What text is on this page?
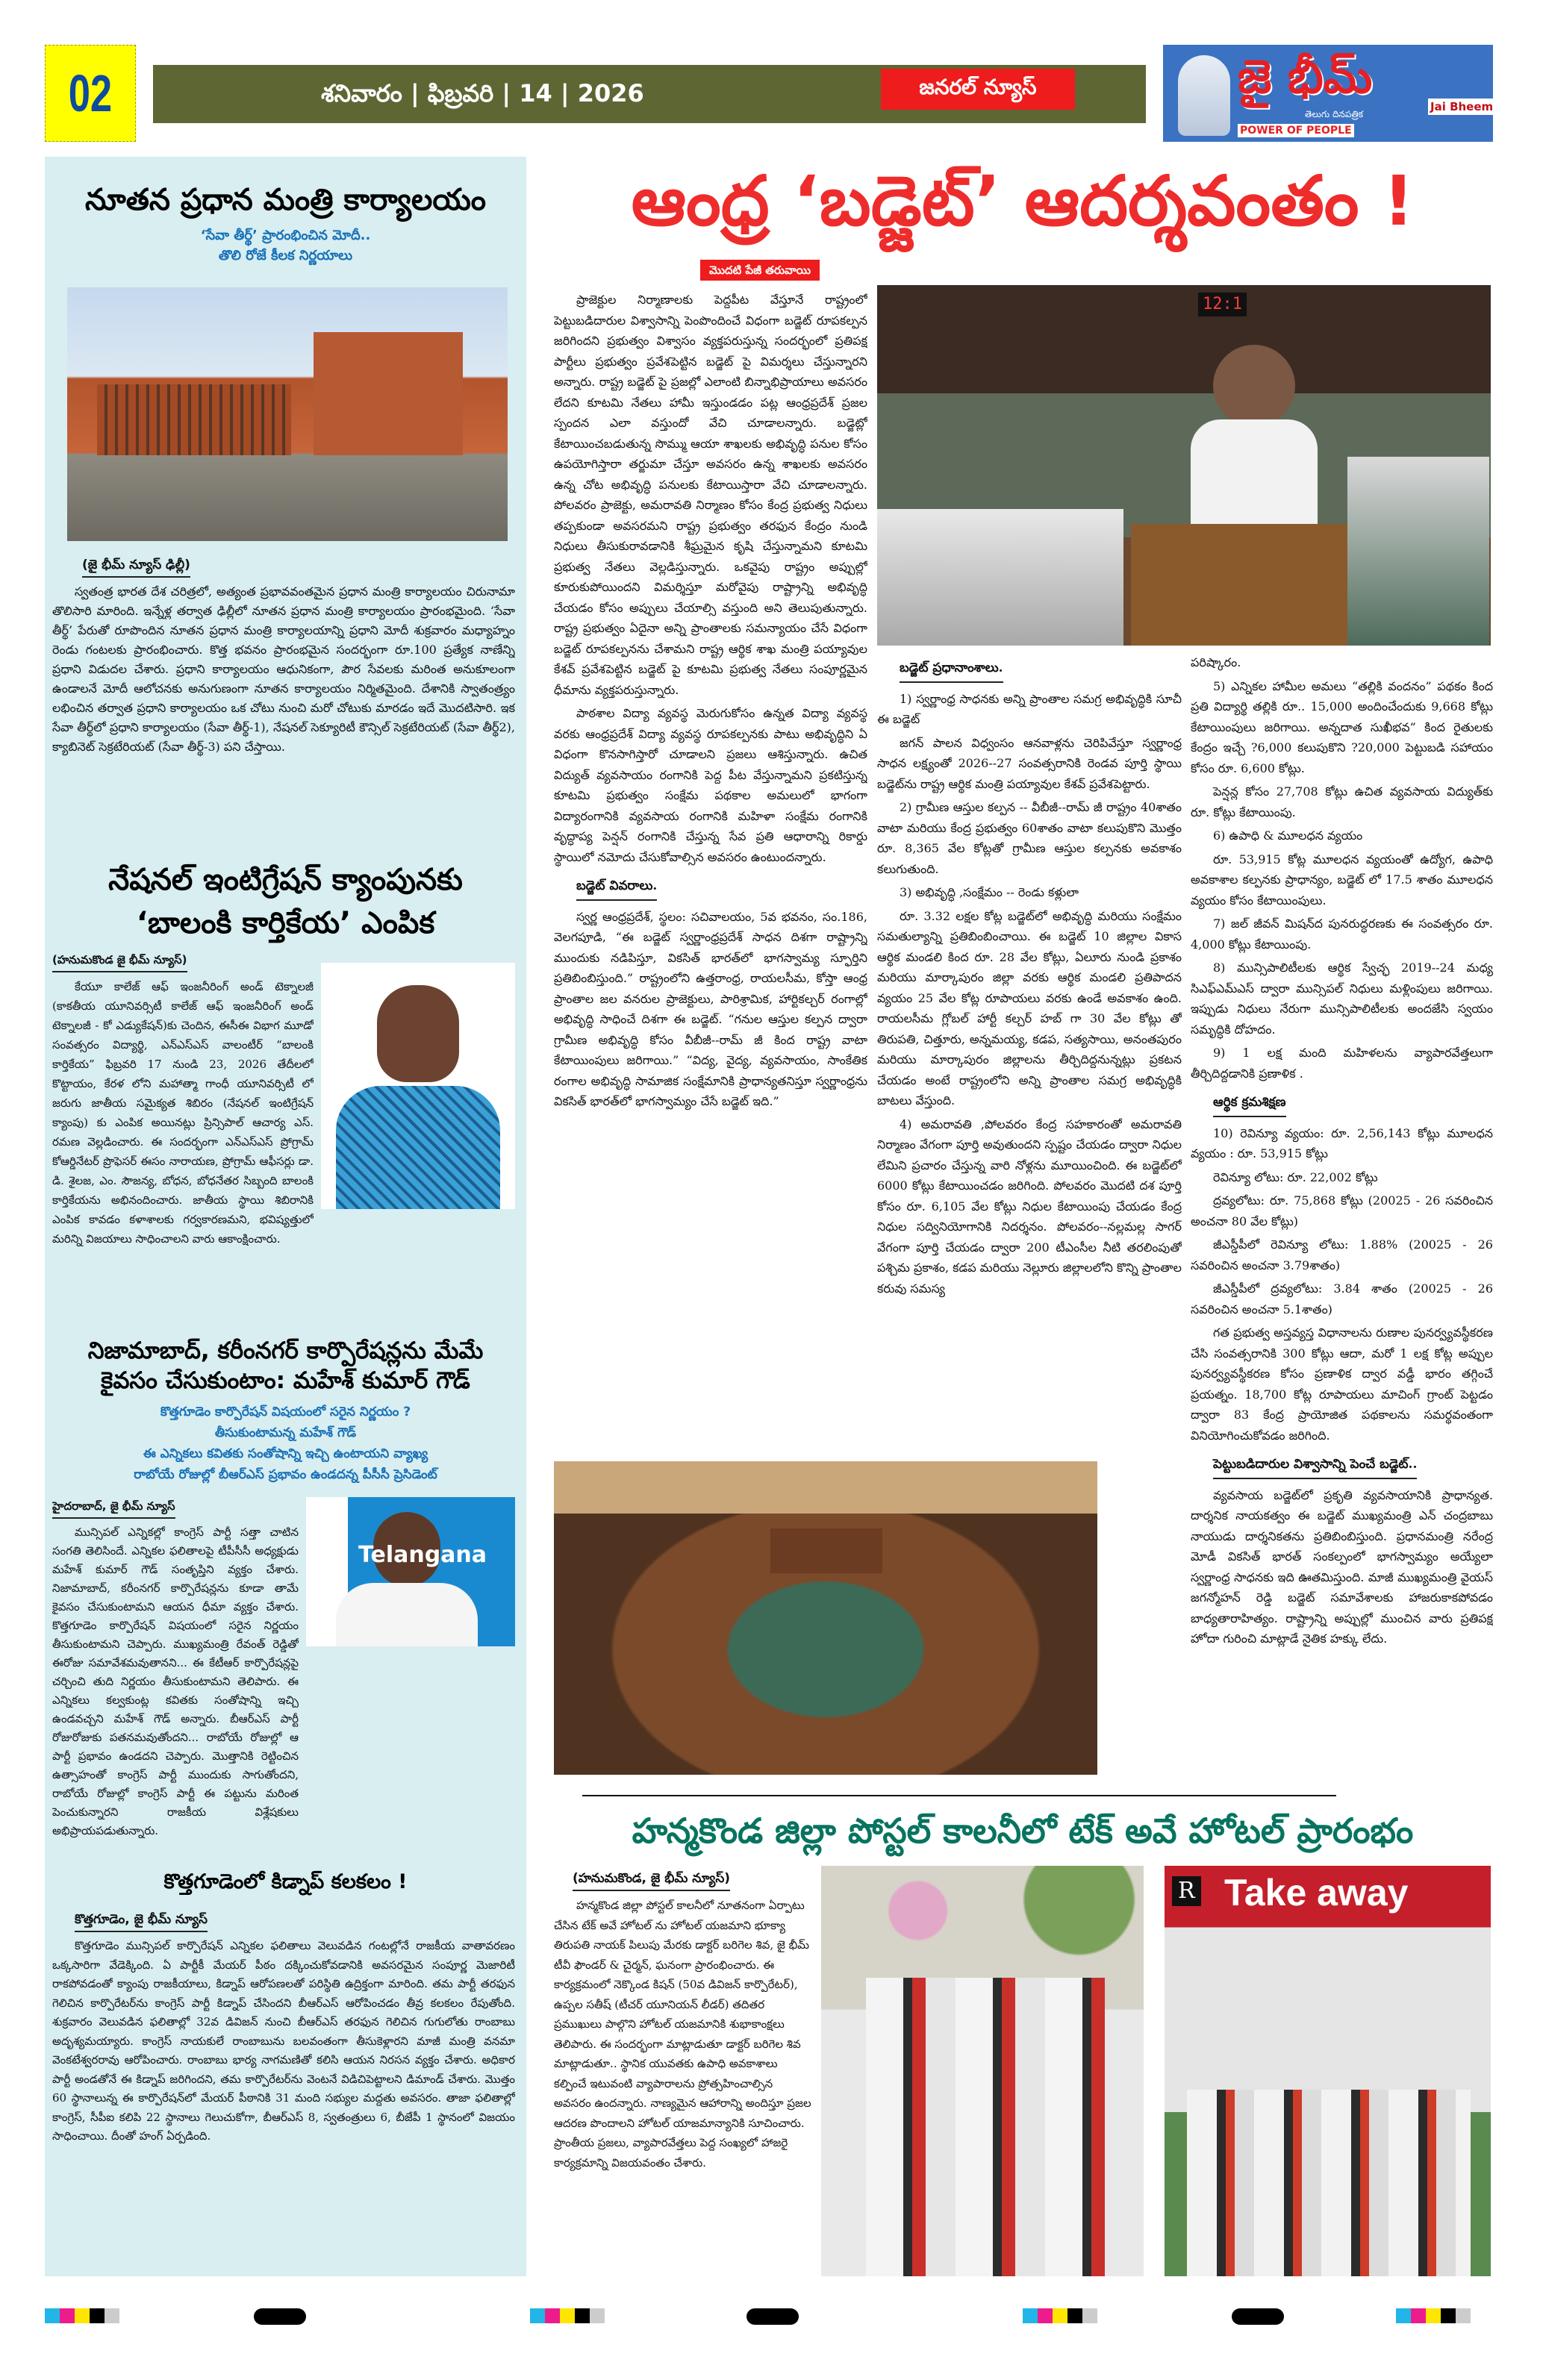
02	శనివారం | ఫిబ్రవరి | 14 | 2026	జనరల్ న్యూస్	జై భీమ్
తెలుగు దినపత్రిక
POWER OF PEOPLE
Jai Bheem
నూతన ప్రధాన మంత్రి కార్యాలయం
‘సేవా తీర్థ్’ ప్రారంభించిన మోదీ..
తొలి రోజే కీలక నిర్ణయాలు
(జై భీమ్ న్యూస్ ఢిల్లీ)

స్వతంత్ర భారత దేశ చరిత్రలో, అత్యంత ప్రభావవంతమైన ప్రధాన మంత్రి కార్యాలయం చిరునామా తొలిసారి మారింది. ఇన్నేళ్ల తర్వాత ఢిల్లీలో నూతన ప్రధాన మంత్రి కార్యాలయం ప్రారంభమైంది. ‘సేవా తీర్థ్’ పేరుతో రూపొందిన నూతన ప్రధాన మంత్రి కార్యాలయాన్ని ప్రధాని మోదీ శుక్రవారం మధ్యాహ్నం రెండు గంటలకు ప్రారంభించారు. కొత్త భవనం ప్రారంభమైన సందర్భంగా రూ.100 ప్రత్యేక నాణేన్ని ప్రధాని విడుదల చేశారు. ప్రధాని కార్యాలయం ఆధునికంగా, పౌర సేవలకు మరింత అనుకూలంగా ఉండాలనే మోదీ ఆలోచనకు అనుగుణంగా నూతన కార్యాలయం నిర్మితమైంది. దేశానికి స్వాతంత్ర్యం లభించిన తర్వాత ప్రధాని కార్యాలయం ఒక చోటు నుంచి మరో చోటుకు మారడం ఇదే మొదటిసారి. ఇక సేవా తీర్థ్‌లో ప్రధాని కార్యాలయం (సేవా తీర్థ్-1), నేషనల్ సెక్యూరిటీ కౌన్సిల్ సెక్రటేరియట్ (సేవా తీర్థ్2), క్యాబినెట్ సెక్రటేరియట్ (సేవా తీర్థ్-3) పని చేస్తాయి.

నేషనల్ ఇంటిగ్రేషన్ క్యాంపునకు
‘బాలంకి కార్తికేయ’ ఎంపిక
(హనుమకొండ జై భీమ్ న్యూస్)

కేయూ కాలేజ్ ఆఫ్ ఇంజనీరింగ్ అండ్ టెక్నాలజీ (కాకతీయ యూనివర్సిటీ కాలేజ్ ఆఫ్ ఇంజనీరింగ్ అండ్ టెక్నాలజీ - కో ఎడ్యుకేషన్)కు చెందిన, ఈసీఈ విభాగ మూడో సంవత్సరం విద్యార్థి, ఎన్ఎస్ఎస్ వాలంటీర్ “బాలంకి కార్తికేయ” ఫిబ్రవరి 17 నుండి 23, 2026 తేదీలలో కొట్టాయం, కేరళ లోని మహాత్మా గాంధీ యూనివర్సిటీ లో జరుగు జాతీయ సమైక్యత శిబిరం (నేషనల్ ఇంటిగ్రేషన్ క్యాంపు) కు ఎంపిక అయినట్లు ప్రిన్సిపాల్ ఆచార్య ఎస్. రమణ వెల్లడించారు. ఈ సందర్భంగా ఎన్ఎస్ఎస్ ప్రోగ్రామ్ కోఆర్డినేటర్ ప్రొఫెసర్ ఈసం నారాయణ, ప్రోగ్రామ్ ఆఫీసర్లు డా. డి. శైలజ, ఎం. సౌజన్య, బోధన, బోధనేతర సిబ్బంది బాలంకి కార్తికేయను అభినందించారు. జాతీయ స్థాయి శిబిరానికి ఎంపిక కావడం కళాశాలకు గర్వకారణమని, భవిష్యత్తులో మరిన్ని విజయాలు సాధించాలని వారు ఆకాంక్షించారు.

నిజామాబాద్, కరీంనగర్ కార్పొరేషన్లను మేమే
కైవసం చేసుకుంటాం: మహేశ్ కుమార్ గౌడ్
కొత్తగూడెం కార్పొరేషన్ విషయంలో సరైన నిర్ణయం ?
తీసుకుంటామన్న మహేశ్ గౌడ్
ఈ ఎన్నికలు కవితకు సంతోషాన్ని ఇచ్చి ఉంటాయని వ్యాఖ్య
రాబోయే రోజుల్లో బీఆర్ఎస్ ప్రభావం ఉండదన్న పీసీసీ ప్రెసిడెంట్
Telangana
హైదరాబాద్, జై భీమ్ న్యూస్

మున్సిపల్ ఎన్నికల్లో కాంగ్రెస్ పార్టీ సత్తా చాటిన సంగతి తెలిసిందే. ఎన్నికల ఫలితాలపై టీపీసీసీ అధ్యక్షుడు మహేశ్ కుమార్ గౌడ్ సంతృప్తిని వ్యక్తం చేశారు. నిజామాబాద్, కరీంనగర్ కార్పొరేషన్లను కూడా తామే కైవసం చేసుకుంటామని ఆయన ధీమా వ్యక్తం చేశారు. కొత్తగూడెం కార్పొరేషన్ విషయంలో సరైన నిర్ణయం తీసుకుంటామని చెప్పారు. ముఖ్యమంత్రి రేవంత్ రెడ్డితో ఈరోజు సమావేశమవుతానని... ఈ కేటీఆర్ కార్పొరేషన్లపై చర్చించి తుది నిర్ణయం తీసుకుంటామని తెలిపారు. ఈ ఎన్నికలు కల్వకుంట్ల కవితకు సంతోషాన్ని ఇచ్చి ఉండవచ్చని మహేశ్ గౌడ్ అన్నారు. బీఆర్ఎస్ పార్టీ రోజురోజుకు పతనమవుతోందని... రాబోయే రోజుల్లో ఆ పార్టీ ప్రభావం ఉండదని చెప్పారు. మొత్తానికి రెట్టించిన ఉత్సాహంతో కాంగ్రెస్ పార్టీ ముందుకు సాగుతోందని, రాబోయే రోజుల్లో కాంగ్రెస్ పార్టీ ఈ పట్టును మరింత పెంచుకున్నారని రాజకీయ విశ్లేషకులు అభిప్రాయపడుతున్నారు.

కొత్తగూడెంలో కిడ్నాప్ కలకలం !
కొత్తగూడెం, జై భీమ్ న్యూస్

కొత్తగూడెం మున్సిపల్ కార్పొరేషన్ ఎన్నికల ఫలితాలు వెలువడిన గంటల్లోనే రాజకీయ వాతావరణం ఒక్కసారిగా వేడెక్కింది. ఏ పార్టీకీ మేయర్ పీఠం దక్కించుకోవడానికి అవసరమైన సంపూర్ణ మెజారిటీ రాకపోవడంతో క్యాంపు రాజకీయాలు, కిడ్నాప్ ఆరోపణలతో పరిస్థితి ఉద్రిక్తంగా మారింది. తమ పార్టీ తరఫున గెలిచిన కార్పొరేటర్‌ను కాంగ్రెస్ పార్టీ కిడ్నాప్ చేసిందని బీఆర్ఎస్ ఆరోపించడం తీవ్ర కలకలం రేపుతోంది. శుక్రవారం వెలువడిన ఫలితాల్లో 32వ డివిజన్ నుంచి బీఆర్ఎస్ తరఫున గెలిచిన గుగులోతు రాంబాబు అదృశ్యమయ్యారు. కాంగ్రెస్ నాయకులే రాంబాబును బలవంతంగా తీసుకెళ్లారని మాజీ మంత్రి వనమా వెంకటేశ్వరరావు ఆరోపించారు. రాంబాబు భార్య నాగమణితో కలిసి ఆయన నిరసన వ్యక్తం చేశారు. అధికార పార్టీ అండతోనే ఈ కిడ్నాప్ జరిగిందని, తమ కార్పొరేటర్‌ను వెంటనే విడిచిపెట్టాలని డిమాండ్ చేశారు. మొత్తం 60 స్థానాలున్న ఈ కార్పొరేషన్‌లో మేయర్ పీఠానికి 31 మంది సభ్యుల మద్దతు అవసరం. తాజా ఫలితాల్లో కాంగ్రెస్, సీపీఐ కలిపి 22 స్థానాలు గెలుచుకోగా, బీఆర్ఎస్ 8, స్వతంత్రులు 6, బీజేపీ 1 స్థానంలో విజయం సాధించాయి. దీంతో హంగ్ ఏర్పడింది.

ఆంధ్ర ‘బడ్జెట్’ ఆదర్శవంతం !
మొదటి పేజీ తరువాయి

ప్రాజెక్టుల నిర్మాణాలకు పెద్దపీట వేస్తూనే రాష్ట్రంలో పెట్టుబడిదారుల విశ్వాసాన్ని పెంపొందించే విధంగా బడ్జెట్ రూపకల్పన జరిగిందని ప్రభుత్వం విశ్వాసం వ్యక్తపరుస్తున్న సందర్భంలో ప్రతిపక్ష పార్టీలు ప్రభుత్వం ప్రవేశపెట్టిన బడ్జెట్ పై విమర్శలు చేస్తున్నారని అన్నారు. రాష్ట్ర బడ్జెట్ పై ప్రజల్లో ఎలాంటి బిన్నాభిప్రాయాలు అవసరం లేదని కూటమి నేతలు హామీ ఇస్తుండడం పట్ల ఆంధ్రప్రదేశ్ ప్రజల స్పందన ఎలా వస్తుందో వేచి చూడాలన్నారు. బడ్జెట్లో కేటాయించబడుతున్న సొమ్ము ఆయా శాఖలకు అభివృద్ధి పనుల కోసం ఉపయోగిస్తారా తర్జుమా చేస్తూ అవసరం ఉన్న శాఖలకు అవసరం ఉన్న చోట అభివృద్ధి పనులకు కేటాయిస్తారా వేచి చూడాలన్నారు. పోలవరం ప్రాజెక్టు, అమరావతి నిర్మాణం కోసం కేంద్ర ప్రభుత్వ నిధులు తప్పకుండా అవసరమని రాష్ట్ర ప్రభుత్వం తరఫున కేంద్రం నుండి నిధులు తీసుకురావడానికి శీఘ్రమైన కృషి చేస్తున్నామని కూటమి ప్రభుత్వ నేతలు వెల్లడిస్తున్నారు. ఒకవైపు రాష్ట్రం అప్పుల్లో కూరుకుపోయిందని విమర్శిస్తూ మరోవైపు రాష్ట్రాన్ని అభివృద్ధి చేయడం కోసం అప్పులు చేయాల్సి వస్తుంది అని తెలుపుతున్నారు. రాష్ట్ర ప్రభుత్వం ఏదైనా అన్ని ప్రాంతాలకు సమన్యాయం చేసే విధంగా బడ్జెట్ రూపకల్పనను చేశామని రాష్ట్ర ఆర్థిక శాఖ మంత్రి పయ్యావుల కేశవ్ ప్రవేశపెట్టిన బడ్జెట్ పై కూటమి ప్రభుత్వ నేతలు సంపూర్ణమైన ధీమాను వ్యక్తపరుస్తున్నారు.

పాఠశాల విద్యా వ్యవస్థ మెరుగుకోసం ఉన్నత విద్యా వ్యవస్థ వరకు ఆంధ్రప్రదేశ్ విద్యా వ్యవస్థ రూపకల్పనకు పాటు అభివృద్ధిని ఏ విధంగా కొనసాగిస్తారో చూడాలని ప్రజలు ఆశిస్తున్నారు. ఉచిత విద్యుత్ వ్యవసాయం రంగానికి పెద్ద పీట వేస్తున్నామని ప్రకటిస్తున్న కూటమి ప్రభుత్వం సంక్షేమ పథకాల అమలులో భాగంగా విద్యారంగానికి వ్యవసాయ రంగానికి మహిళా సంక్షేమ రంగానికి వృద్ధాప్య పెన్షన్ రంగానికి చేస్తున్న సేవ ప్రతి ఆధారాన్ని రికార్డు స్థాయిలో నమోదు చేసుకోవాల్సిన అవసరం ఉంటుందన్నారు.

బడ్జెట్ వివరాలు.

స్వర్ణ ఆంధ్రప్రదేశ్, స్థలం: సచివాలయం, 5వ భవనం, సం.186, వెలగపూడి, “ఈ బడ్జెట్ స్వర్ణాంధ్రప్రదేశ్ సాధన దిశగా రాష్ట్రాన్ని ముందుకు నడిపిస్తూ, వికసిత్ భారత్‌లో భాగస్వామ్య స్ఫూర్తిని ప్రతిబింబిస్తుంది.” రాష్ట్రంలోని ఉత్తరాంధ్ర, రాయలసీమ, కోస్తా ఆంధ్ర ప్రాంతాల జల వనరుల ప్రాజెక్టులు, పారిశ్రామిక, హార్టికల్చర్ రంగాల్లో అభివృద్ధి సాధించే దిశగా ఈ బడ్జెట్. “గనుల ఆస్తుల కల్పన ద్వారా గ్రామీణ అభివృద్ధి కోసం వీబీజీ--రామ్ జీ కింద రాష్ట్ర వాటా కేటాయింపులు జరిగాయి.” “విద్య, వైద్య, వ్యవసాయం, సాంకేతిక రంగాల అభివృద్ధి సామాజిక సంక్షేమానికి ప్రాధాన్యతనిస్తూ స్వర్ణాంధ్రను వికసిత్ భారత్‌లో భాగస్వామ్యం చేసే బడ్జెట్ ఇది.”

12:1
బడ్జెట్ ప్రధానాంశాలు.

1) స్వర్ణాంధ్ర సాధనకు అన్ని ప్రాంతాల సమగ్ర అభివృద్ధికి సూచీ ఈ బడ్జెట్

జగన్ పాలన విధ్వంసం ఆనవాళ్లను చెరిపివేస్తూ స్వర్ణాంధ్ర సాధన లక్ష్యంతో 2026--27 సంవత్సరానికి రెండవ పూర్తి స్థాయి బడ్జెట్‌ను రాష్ట్ర ఆర్థిక మంత్రి పయ్యావుల కేశవ్ ప్రవేశపెట్టారు.

2) గ్రామీణ ఆస్తుల కల్పన -- వీబీజీ--రామ్ జీ రాష్ట్రం 40శాతం వాటా మరియు కేంద్ర ప్రభుత్వం 60శాతం వాటా కలుపుకొని మొత్తం రూ. 8,365 వేల కోట్లతో గ్రామీణ ఆస్తుల కల్పనకు అవకాశం కలుగుతుంది.

3) అభివృద్ధి ,సంక్షేమం -- రెండు కళ్లులా

రూ. 3.32 లక్షల కోట్ల బడ్జెట్‌లో అభివృద్ధి మరియు సంక్షేమం సమతుల్యాన్ని ప్రతిబింబించాయి. ఈ బడ్జెట్ 10 జిల్లాల వికాస ఆర్థిక మండలి కింద రూ. 28 వేల కోట్లు, ఏలూరు నుండి ప్రకాశం మరియు మార్కాపురం జిల్లా వరకు ఆర్థిక మండలి ప్రతిపాదన వ్యయం 25 వేల కోట్ల రూపాయలు వరకు ఉండే అవకాశం ఉంది. రాయలసీమ గ్లోబల్ హార్టీ కల్చర్ హబ్ గా 30 వేల కోట్లు తో తిరుపతి, చిత్తూరు, అన్నమయ్య, కడప, సత్యసాయి, అనంతపురం మరియు మార్కాపురం జిల్లాలను తీర్చిదిద్దనున్నట్లు ప్రకటన చేయడం అంటే రాష్ట్రంలోని అన్ని ప్రాంతాల సమగ్ర అభివృద్ధికి బాటలు వేస్తుంది.

4) అమరావతి ,పోలవరం కేంద్ర సహకారంతో అమరావతి నిర్మాణం వేగంగా పూర్తి అవుతుందని స్పష్టం చేయడం ద్వారా నిధుల లేమిని ప్రచారం చేస్తున్న వారి నోళ్లను మూయించింది. ఈ బడ్జెట్‌లో 6000 కోట్లు కేటాయించడం జరిగింది. పోలవరం మొదటి దశ పూర్తి కోసం రూ. 6,105 వేల కోట్లు నిధుల కేటాయింపు చేయడం కేంద్ర నిధుల సద్వినియోగానికి నిదర్శనం. పోలవరం--నల్లమల్ల సాగర్ వేగంగా పూర్తి చేయడం ద్వారా 200 టీఎంసీల నీటి తరలింపుతో పశ్చిమ ప్రకాశం, కడప మరియు నెల్లూరు జిల్లాలలోని కొన్ని ప్రాంతాల కరువు సమస్య

పరిష్కారం.

5) ఎన్నికల హామీల అమలు “తల్లికి వందనం” పథకం కింద ప్రతి విద్యార్థి తల్లికి రూ.. 15,000 అందించేందుకు 9,668 కోట్లు కేటాయింపులు జరిగాయి. అన్నదాత సుఖీభవ” కింద రైతులకు కేంద్రం ఇచ్చే ?6,000 కలుపుకొని ?20,000 పెట్టుబడి సహాయం కోసం రూ. 6,600 కోట్లు.

పెన్షన్ల కోసం 27,708 కోట్లు ఉచిత వ్యవసాయ విద్యుత్‌కు రూ. కోట్లు కేటాయింపు.

6) ఉపాధి & మూలధన వ్యయం

రూ. 53,915 కోట్ల మూలధన వ్యయంతో ఉద్యోగ, ఉపాధి అవకాశాల కల్పనకు ప్రాధాన్యం, బడ్జెట్ లో 17.5 శాతం మూలధన వ్యయం కోసం కేటాయింపులు.

7) జల్ జీవన్ మిషన్‌ద పునరుద్ధరణకు ఈ సంవత్సరం రూ. 4,000 కోట్లు కేటాయింపు.

8) మున్సిపాలిటీలకు ఆర్థిక స్వేచ్ఛ 2019--24 మధ్య సిఎఫ్ఎమ్ఎస్ ద్వారా మున్సిపల్ నిధులు మళ్లింపులు జరిగాయి. ఇప్పుడు నిధులు నేరుగా మున్సిపాలిటీలకు అందజేసి స్వయం సమృద్ధికి దోహదం.

9) 1 లక్ష మంది మహిళలను వ్యాపారవేత్తలుగా తీర్చిదిద్దడానికి ప్రణాళిక .

ఆర్థిక క్రమశిక్షణ

10) రెవిన్యూ వ్యయం: రూ. 2,56,143 కోట్లు మూలధన వ్యయం : రూ. 53,915 కోట్లు

రెవిన్యూ లోటు: రూ. 22,002 కోట్లు

ద్రవ్యలోటు: రూ. 75,868 కోట్లు (20025 - 26 సవరించిన అంచనా 80 వేల కోట్లు)

జీఎస్డీపీలో రెవిన్యూ లోటు: 1.88% (20025 - 26 సవరించిన అంచనా 3.79శాతం)

జీఎస్డీపీలో ద్రవ్యలోటు: 3.84 శాతం (20025 - 26 సవరించిన అంచనా 5.1శాతం)

గత ప్రభుత్వ అస్తవ్యస్త విధానాలను రుణాల పునర్వ్యవస్థీకరణ చేసి సంవత్సరానికి 300 కోట్లు ఆదా, మరో 1 లక్ష కోట్ల అప్పుల పునర్వ్యవస్థీకరణ కోసం ప్రణాళిక ద్వార వడ్డీ భారం తగ్గించే ప్రయత్నం. 18,700 కోట్ల రూపాయలు మాచింగ్ గ్రాంట్ పెట్టడం ద్వారా 83 కేంద్ర ప్రాయోజిత పథకాలను సమర్థవంతంగా వినియోగించుకోవడం జరిగింది.

పెట్టుబడిదారుల విశ్వాసాన్ని పెంచే బడ్జెట్..

వ్యవసాయ బడ్జెట్‌లో ప్రకృతి వ్యవసాయానికి ప్రాధాన్యత. దార్శనిక నాయకత్వం ఈ బడ్జెట్ ముఖ్యమంత్రి ఎన్ చంద్రబాబు నాయుడు దార్శనికతను ప్రతిబింబిస్తుంది. ప్రధానమంత్రి నరేంద్ర మోడీ వికసిత్ భారత్ సంకల్పంలో భాగస్వామ్యం అయ్యేలా స్వర్ణాంధ్ర సాధనకు ఇది ఊతమిస్తుంది. మాజీ ముఖ్యమంత్రి వైయస్ జగన్మోహన్ రెడ్డి బడ్జెట్ సమావేశాలకు హాజరుకాకపోవడం బాధ్యతారాహిత్యం. రాష్ట్రాన్ని అప్పుల్లో ముంచిన వారు ప్రతిపక్ష హోదా గురించి మాట్లాడే నైతిక హక్కు లేదు.

హన్మకొండ జిల్లా పోస్టల్ కాలనీలో టేక్ అవే హోటల్ ప్రారంభం
(హనుమకొండ, జై భీమ్ న్యూస్)

హన్మకొండ జిల్లా పోస్టల్ కాలనీలో నూతనంగా ఏర్పాటు చేసిన టేక్ అవే హోటల్ ను హోటల్ యజమాని భూక్యా తిరుపతి నాయక్ పిలుపు మేరకు డాక్టర్ బరిగెల శివ, జై భీమ్ టీవీ ఫౌండర్ & చైర్మన్, ఘనంగా ప్రారంభించారు. ఈ కార్యక్రమంలో నెక్కొండ కిషన్ (50వ డివిజన్ కార్పొరేటర్), ఉప్పల సతీష్ (టీచర్ యూనియన్ లీడర్) తదితర ప్రముఖులు పాల్గొని హోటల్ యజమానికి శుభాకాంక్షలు తెలిపారు. ఈ సందర్భంగా మాట్లాడుతూ డాక్టర్ బరిగెల శివ మాట్లాడుతూ.. స్థానిక యువతకు ఉపాధి అవకాశాలు కల్పించే ఇటువంటి వ్యాపారాలను ప్రోత్సహించాల్సిన అవసరం ఉందన్నారు. నాణ్యమైన ఆహారాన్ని అందిస్తూ ప్రజల ఆదరణ పొందాలని హోటల్ యాజమాన్యానికి సూచించారు. ప్రాంతీయ ప్రజలు, వ్యాపారవేత్తలు పెద్ద సంఖ్యలో హాజరై కార్యక్రమాన్ని విజయవంతం చేశారు.

R Take away
